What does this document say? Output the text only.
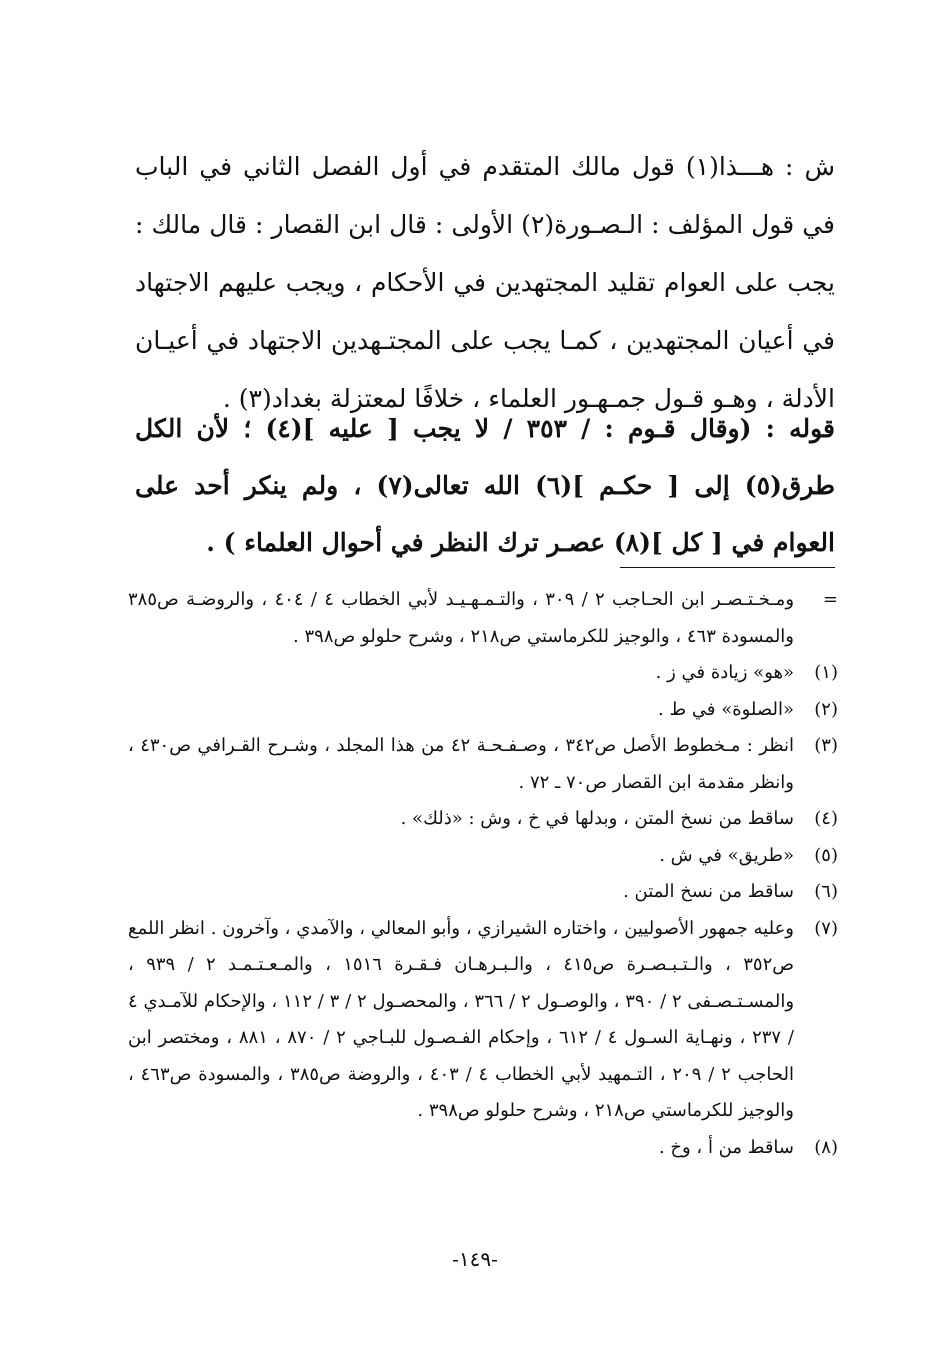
ش : هـــذا(١) قول مالك المتقدم في أول الفصل الثاني في الباب في قول المؤلف : الـصـورة(٢) الأولى : قال ابن القصار : قال مالك : يجب على العوام تقليد المجتهدين في الأحكام ، ويجب عليهم الاجتهاد في أعيان المجتهدين ، كمـا يجب على المجتـهدين الاجتهاد في أعيـان الأدلة ، وهـو قـول جمـهـور العلماء ، خلافًا لمعتزلة بغداد(٣) .

قوله : (وقال قـوم : / ٣٥٣ / لا يجب [ عليه ](٤) ؛ لأن الكل طرق(٥) إلى [ حكـم ](٦) الله تعالى(٧) ، ولم ينكر أحد على العوام في [ كل ](٨) عصـر ترك النظر في أحوال العلماء ) .

=
ومـخـتـصـر ابن الحـاجب ٢ / ٣٠٩ ، والتـمـهـيـد لأبي الخطاب ٤ / ٤٠٤ ، والروضـة ص٣٨٥ والمسودة ٤٦٣ ، والوجيز للكرماستي ص٢١٨ ، وشرح حلولو ص٣٩٨ .
(١)
«هو» زيادة في ز .
(٢)
«الصلوة» في ط .
(٣)
انظر : مـخطوط الأصل ص٣٤٢ ، وصـفـحـة ٤٢ من هذا المجلد ، وشـرح القـرافي ص٤٣٠ ، وانظر مقدمة ابن القصار ص٧٠ ـ ٧٢ .
(٤)
ساقط من نسخ المتن ، وبدلها في خ ، وش : «ذلك» .
(٥)
«طريق» في ش .
(٦)
ساقط من نسخ المتن .
(٧)
وعليه جمهور الأصوليين ، واختاره الشيرازي ، وأبو المعالي ، والآمدي ، وآخرون . انظر اللمع ص٣٥٢ ، والـتـبـصـرة ص٤١٥ ، والـبـرهـان فـقـرة ١٥١٦ ، والمـعـتـمـد ٢ / ٩٣٩ ، والمسـتـصـفى ٢ / ٣٩٠ ، والوصـول ٢ / ٣٦٦ ، والمحصـول ٢ / ٣ / ١١٢ ، والإحكام للآمـدي ٤ / ٢٣٧ ، ونهـاية السـول ٤ / ٦١٢ ، وإحكام الفـصـول للبـاجي ٢ / ٨٧٠ ، ٨٨١ ، ومختصر ابن الحاجب ٢ / ٢٠٩ ، التـمهيد لأبي الخطاب ٤ / ٤٠٣ ، والروضة ص٣٨٥ ، والمسودة ص٤٦٣ ، والوجيز للكرماستي ص٢١٨ ، وشرح حلولو ص٣٩٨ .
(٨)
ساقط من أ ، وخ .
-١٤٩-
